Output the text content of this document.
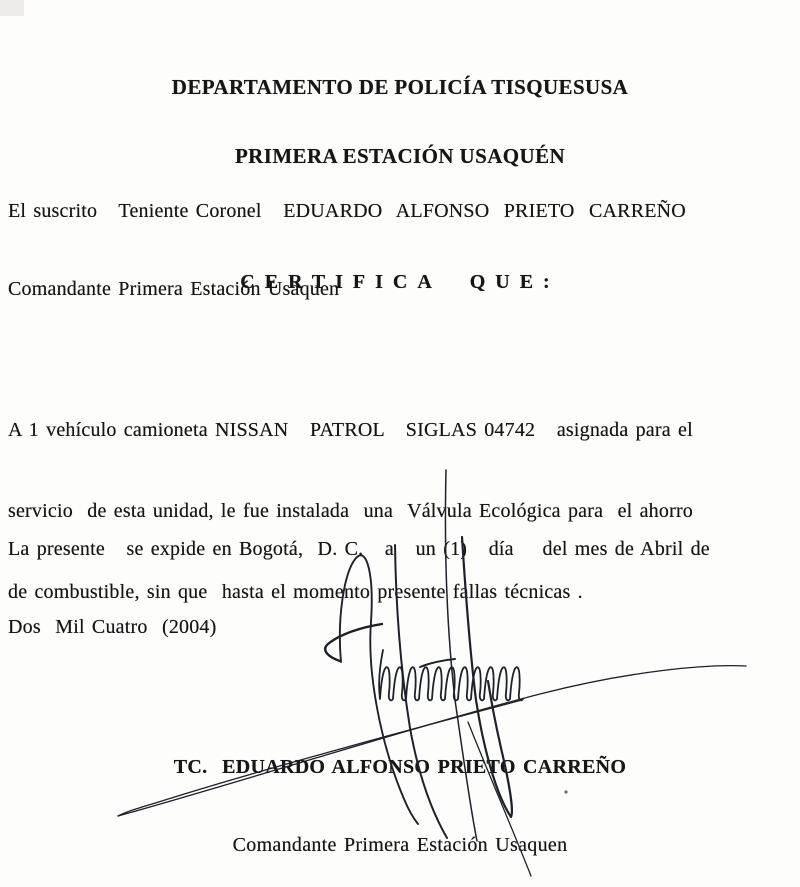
DEPARTAMENTO DE POLICÍA TISQUESUSA

PRIMERA ESTACIÓN USAQUÉN

El suscrito   Teniente Coronel   EDUARDO  ALFONSO  PRIETO  CARREÑO

Comandante Primera Estación Usaquen

CERTIFICA QUE:

A 1 vehículo camioneta NISSAN   PATROL   SIGLAS 04742   asignada para el

servicio  de esta unidad, le fue instalada  una  Válvula Ecológica para  el ahorro

de combustible, sin que  hasta el momento presente fallas técnicas .

La presente   se expide en Bogotá,  D. C.   a   un (1)   día    del mes de Abril de

Dos  Mil Cuatro  (2004)

TC.  EDUARDO ALFONSO PRIETO CARREÑO

Comandante Primera Estación Usaquen
